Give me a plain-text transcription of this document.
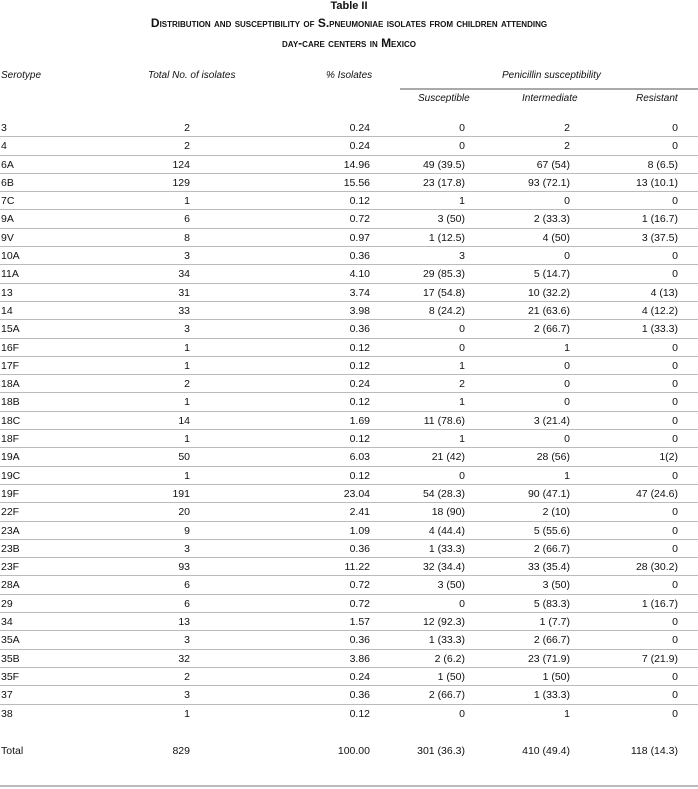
Table II
Distribution and susceptibility of S.pneumoniae isolates from children attending
day-care centers in Mexico
Serotype	Total No. of isolates	% Isolates	Penicillin susceptibility
Susceptible	Intermediate	Resistant
3	2	0.24	0	2	0
4	2	0.24	0	2	0
6A	124	14.96	49 (39.5)	67 (54)	8 (6.5)
6B	129	15.56	23 (17.8)	93 (72.1)	13 (10.1)
7C	1	0.12	1	0	0
9A	6	0.72	3 (50)	2 (33.3)	1 (16.7)
9V	8	0.97	1 (12.5)	4 (50)	3 (37.5)
10A	3	0.36	3	0	0
11A	34	4.10	29 (85.3)	5 (14.7)	0
13	31	3.74	17 (54.8)	10 (32.2)	4 (13)
14	33	3.98	8 (24.2)	21 (63.6)	4 (12.2)
15A	3	0.36	0	2 (66.7)	1 (33.3)
16F	1	0.12	0	1	0
17F	1	0.12	1	0	0
18A	2	0.24	2	0	0
18B	1	0.12	1	0	0
18C	14	1.69	11 (78.6)	3 (21.4)	0
18F	1	0.12	1	0	0
19A	50	6.03	21 (42)	28 (56)	1(2)
19C	1	0.12	0	1	0
19F	191	23.04	54 (28.3)	90 (47.1)	47 (24.6)
22F	20	2.41	18 (90)	2 (10)	0
23A	9	1.09	4 (44.4)	5 (55.6)	0
23B	3	0.36	1 (33.3)	2 (66.7)	0
23F	93	11.22	32 (34.4)	33 (35.4)	28 (30.2)
28A	6	0.72	3 (50)	3 (50)	0
29	6	0.72	0	5 (83.3)	1 (16.7)
34	13	1.57	12 (92.3)	1 (7.7)	0
35A	3	0.36	1 (33.3)	2 (66.7)	0
35B	32	3.86	2 (6.2)	23 (71.9)	7 (21.9)
35F	2	0.24	1 (50)	1 (50)	0
37	3	0.36	2 (66.7)	1 (33.3)	0
38	1	0.12	0	1	0
Total	829	100.00	301 (36.3)	410 (49.4)	118 (14.3)
